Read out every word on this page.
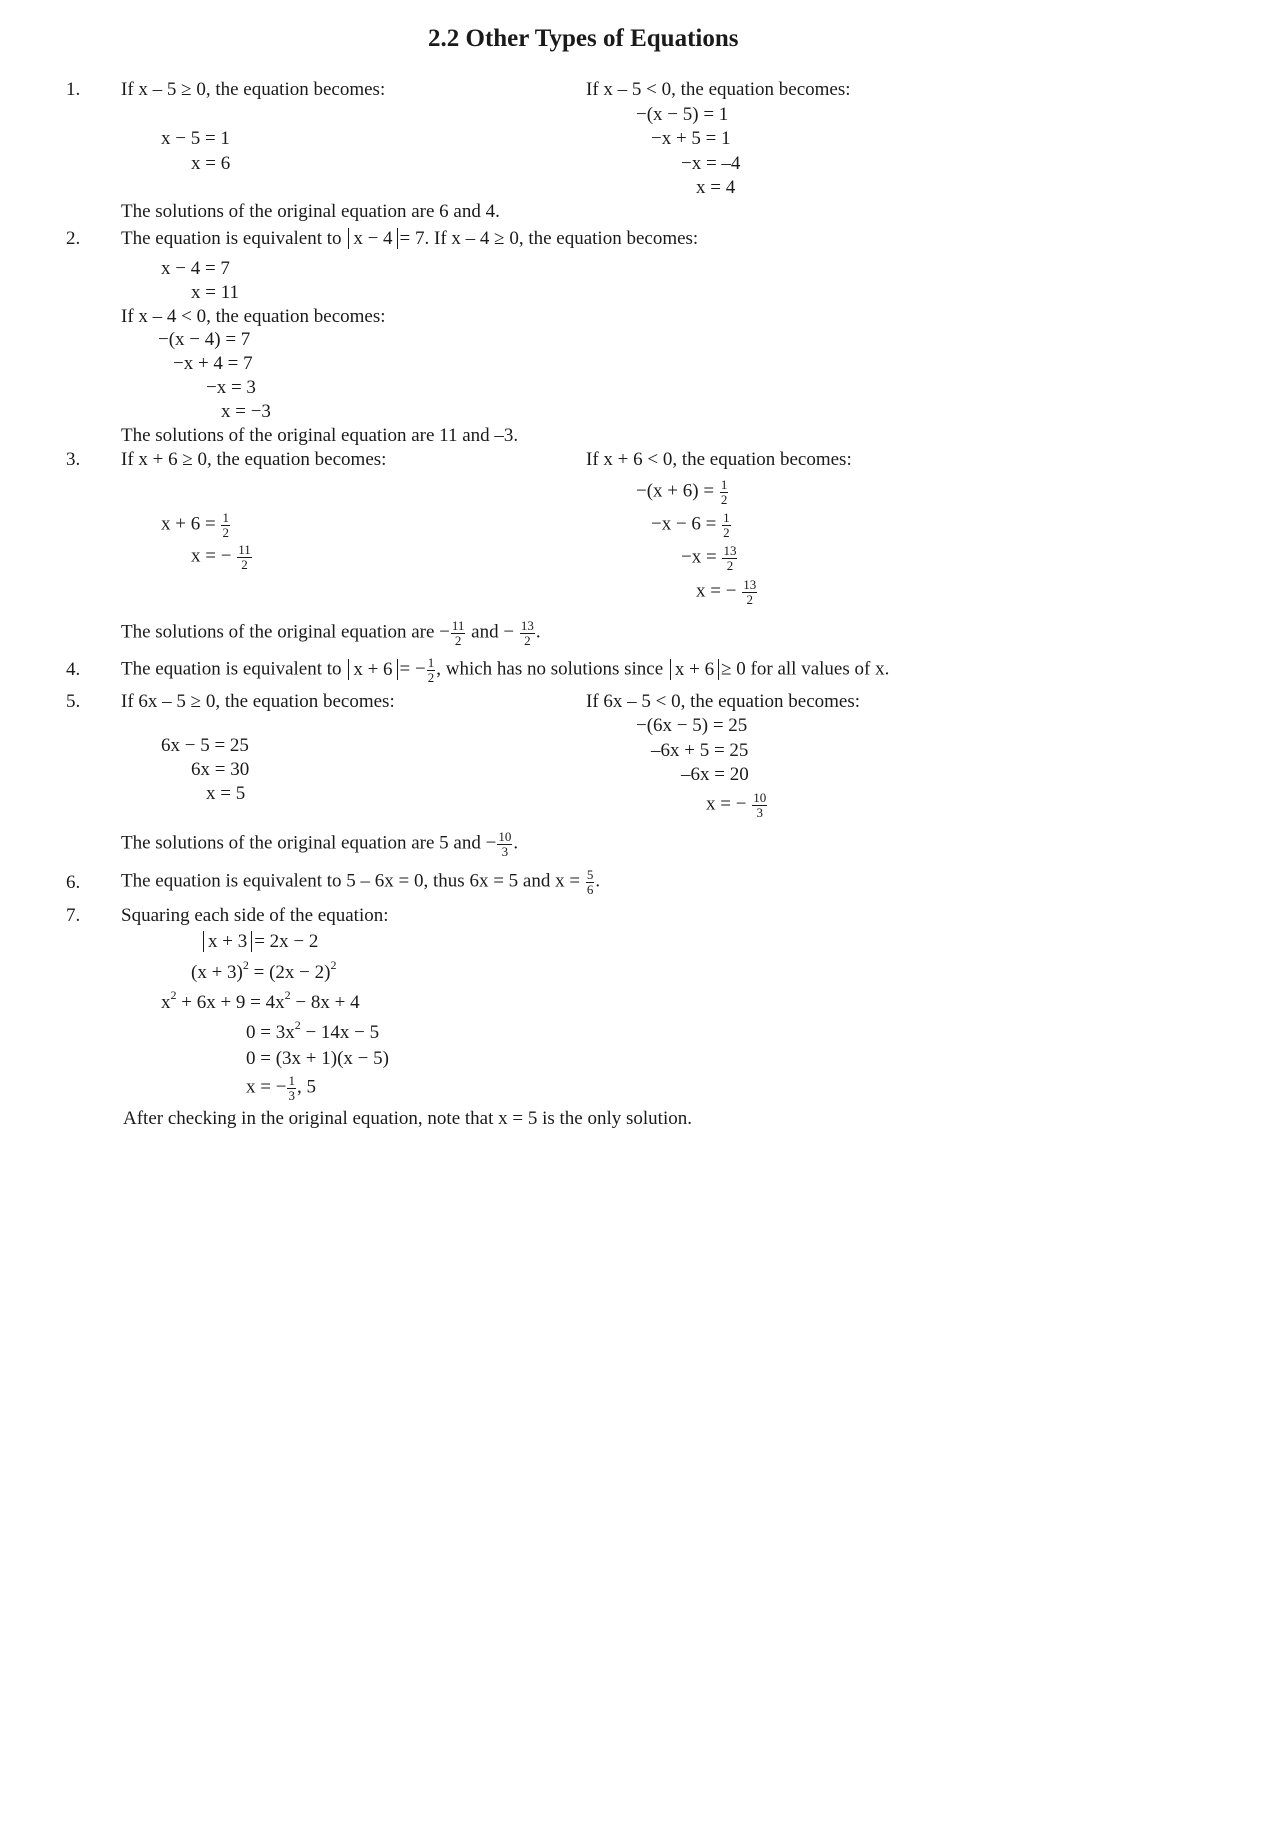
2.2 Other Types of Equations
1. If x – 5 ≥ 0, the equation becomes:	If x – 5 < 0, the equation becomes:
x − 5 = 1
x = 6
−(x − 5) = 1
−x + 5 = 1
−x = –4
x = 4
The solutions of the original equation are 6 and 4.
2. The equation is equivalent to x − 4 = 7. If x – 4 ≥ 0, the equation becomes:
x − 4 = 7
x = 11
If x – 4 < 0, the equation becomes:
−(x − 4) = 7
−x + 4 = 7
−x = 3
x = −3
The solutions of the original equation are 11 and –3.
3. If x + 6 ≥ 0, the equation becomes:	If x + 6 < 0, the equation becomes:
$x + 6 = \frac{1}{2}$
x = − $\frac{11}{2}$
$-(x + 6) = \frac{1}{2}$
$-x - 6 = \frac{1}{2}$
$-x = \frac{13}{2}$
x = − $\frac{13}{2}$
The solutions of the original equation are − $\frac{11}{2}$ and − $\frac{13}{2}$ .
4. The equation is equivalent to x + 6 = − $\frac{1}{2}$ , which has no solutions since x + 6 ≥ 0 for all values of x.
5. If 6x – 5 ≥ 0, the equation becomes:	If 6x – 5 < 0, the equation becomes:
6x − 5 = 25
6x = 30
x = 5
−(6x − 5) = 25
–6x + 5 = 25
–6x = 20
x = − $\frac{10}{3}$
The solutions of the original equation are 5 and − $\frac{10}{3}$ .
6. The equation is equivalent to 5 – 6x = 0, thus 6x = 5 and $x = \frac{5}{6}$ .
7. Squaring each side of the equation:
x + 3 = 2x − 2
$(x + 3)^2 = (2x - 2)^2$
$x^2 + 6x + 9 = 4x^2 - 8x + 4$
$0 = 3x^2 - 14x - 5$
0 = (3x + 1)(x − 5)
x = − $\frac{1}{3}$ , 5
After checking in the original equation, note that x = 5 is the only solution.
